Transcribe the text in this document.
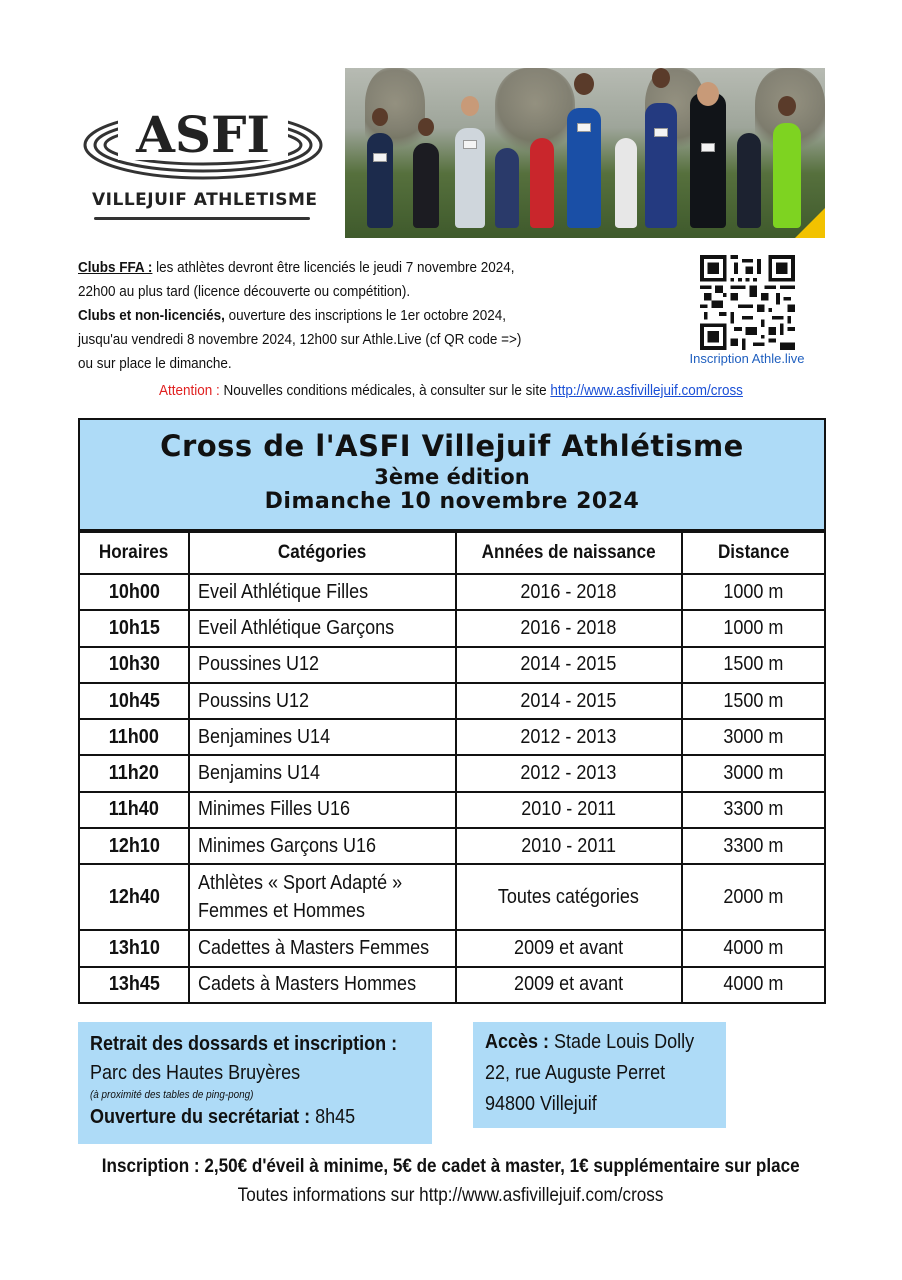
ASFI
VILLEJUIF ATHLETISME
Clubs FFA : les athlètes devront être licenciés le jeudi 7 novembre 2024,
22h00 au plus tard (licence découverte ou compétition).
Clubs et non-licenciés, ouverture des inscriptions le 1er octobre 2024,
jusqu'au vendredi 8 novembre 2024, 12h00 sur Athle.Live (cf QR code =>)
ou sur place le dimanche.	Inscription Athle.live
Attention : Nouvelles conditions médicales, à consulter sur le site http://www.asfivillejuif.com/cross
Cross de l'ASFI Villejuif Athlétisme
3ème édition
Dimanche 10 novembre 2024
Horaires	Catégories	Années de naissance	Distance
10h00	Eveil Athlétique Filles	2016 - 2018	1000 m
10h15	Eveil Athlétique Garçons	2016 - 2018	1000 m
10h30	Poussines U12	2014 - 2015	1500 m
10h45	Poussins U12	2014 - 2015	1500 m
11h00	Benjamines U14	2012 - 2013	3000 m
11h20	Benjamins U14	2012 - 2013	3000 m
11h40	Minimes Filles U16	2010 - 2011	3300 m
12h10	Minimes Garçons U16	2010 - 2011	3300 m
12h40	Athlètes « Sport Adapté »
Femmes et Hommes	Toutes catégories	2000 m
13h10	Cadettes à Masters Femmes	2009 et avant	4000 m
13h45	Cadets à Masters Hommes	2009 et avant	4000 m
Retrait des dossards et inscription :
Parc des Hautes Bruyères
(à proximité des tables de ping-pong)
Ouverture du secrétariat : 8h45
Accès : Stade Louis Dolly
22, rue Auguste Perret
94800 Villejuif
Inscription : 2,50€ d'éveil à minime, 5€ de cadet à master, 1€ supplémentaire sur place
Toutes informations sur http://www.asfivillejuif.com/cross
